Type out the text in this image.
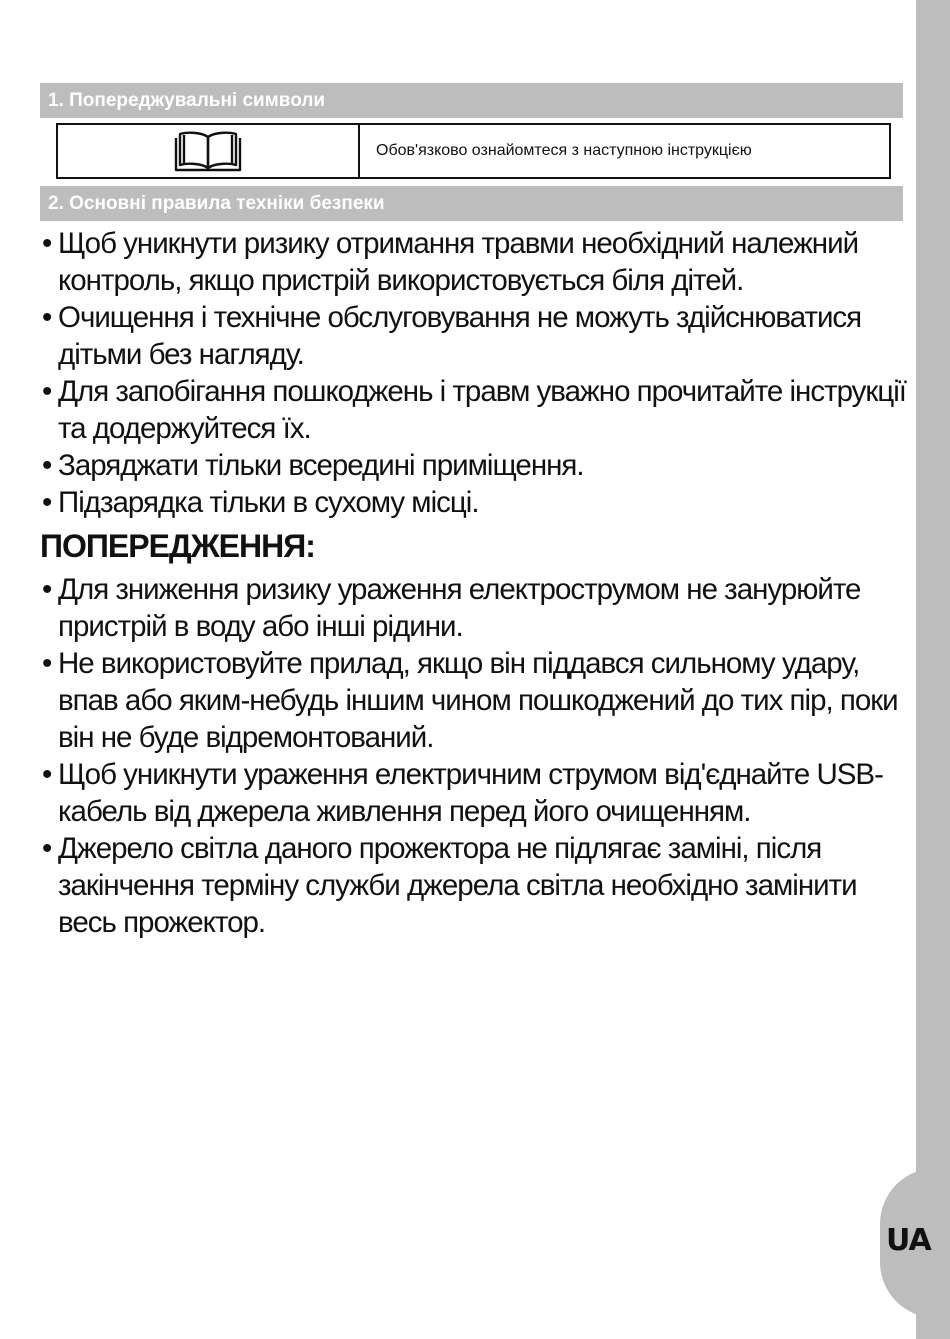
UA
1. Попереджувальні символи
Обов'язково ознайомтеся з наступною інструкцією
2. Основні правила техніки безпеки
• Щоб уникнути ризику отримання травми необхідний належний контроль, якщо пристрій використовується біля дітей.
• Очищення і технічне обслуговування не можуть здійснюватися дітьми без нагляду.
• Для запобігання пошкоджень і травм уважно прочитайте інструкції та додержуйтеся їх.
• Заряджати тільки всередині приміщення.
• Підзарядка тільки в сухому місці.
ПОПЕРЕДЖЕННЯ:
• Для зниження ризику ураження електрострумом не занурюйте пристрій в воду або інші рідини.
• Не використовуйте прилад, якщо він піддався сильному удару, впав або яким-небудь іншим чином пошкоджений до тих пір, поки він не буде відремонтований.
• Щоб уникнути ураження електричним струмом від'єднайте USB-кабель від джерела живлення перед його очищенням.
• Джерело світла даного прожектора не підлягає заміні, після закінчення терміну служби джерела світла необхідно замінити весь прожектор.
